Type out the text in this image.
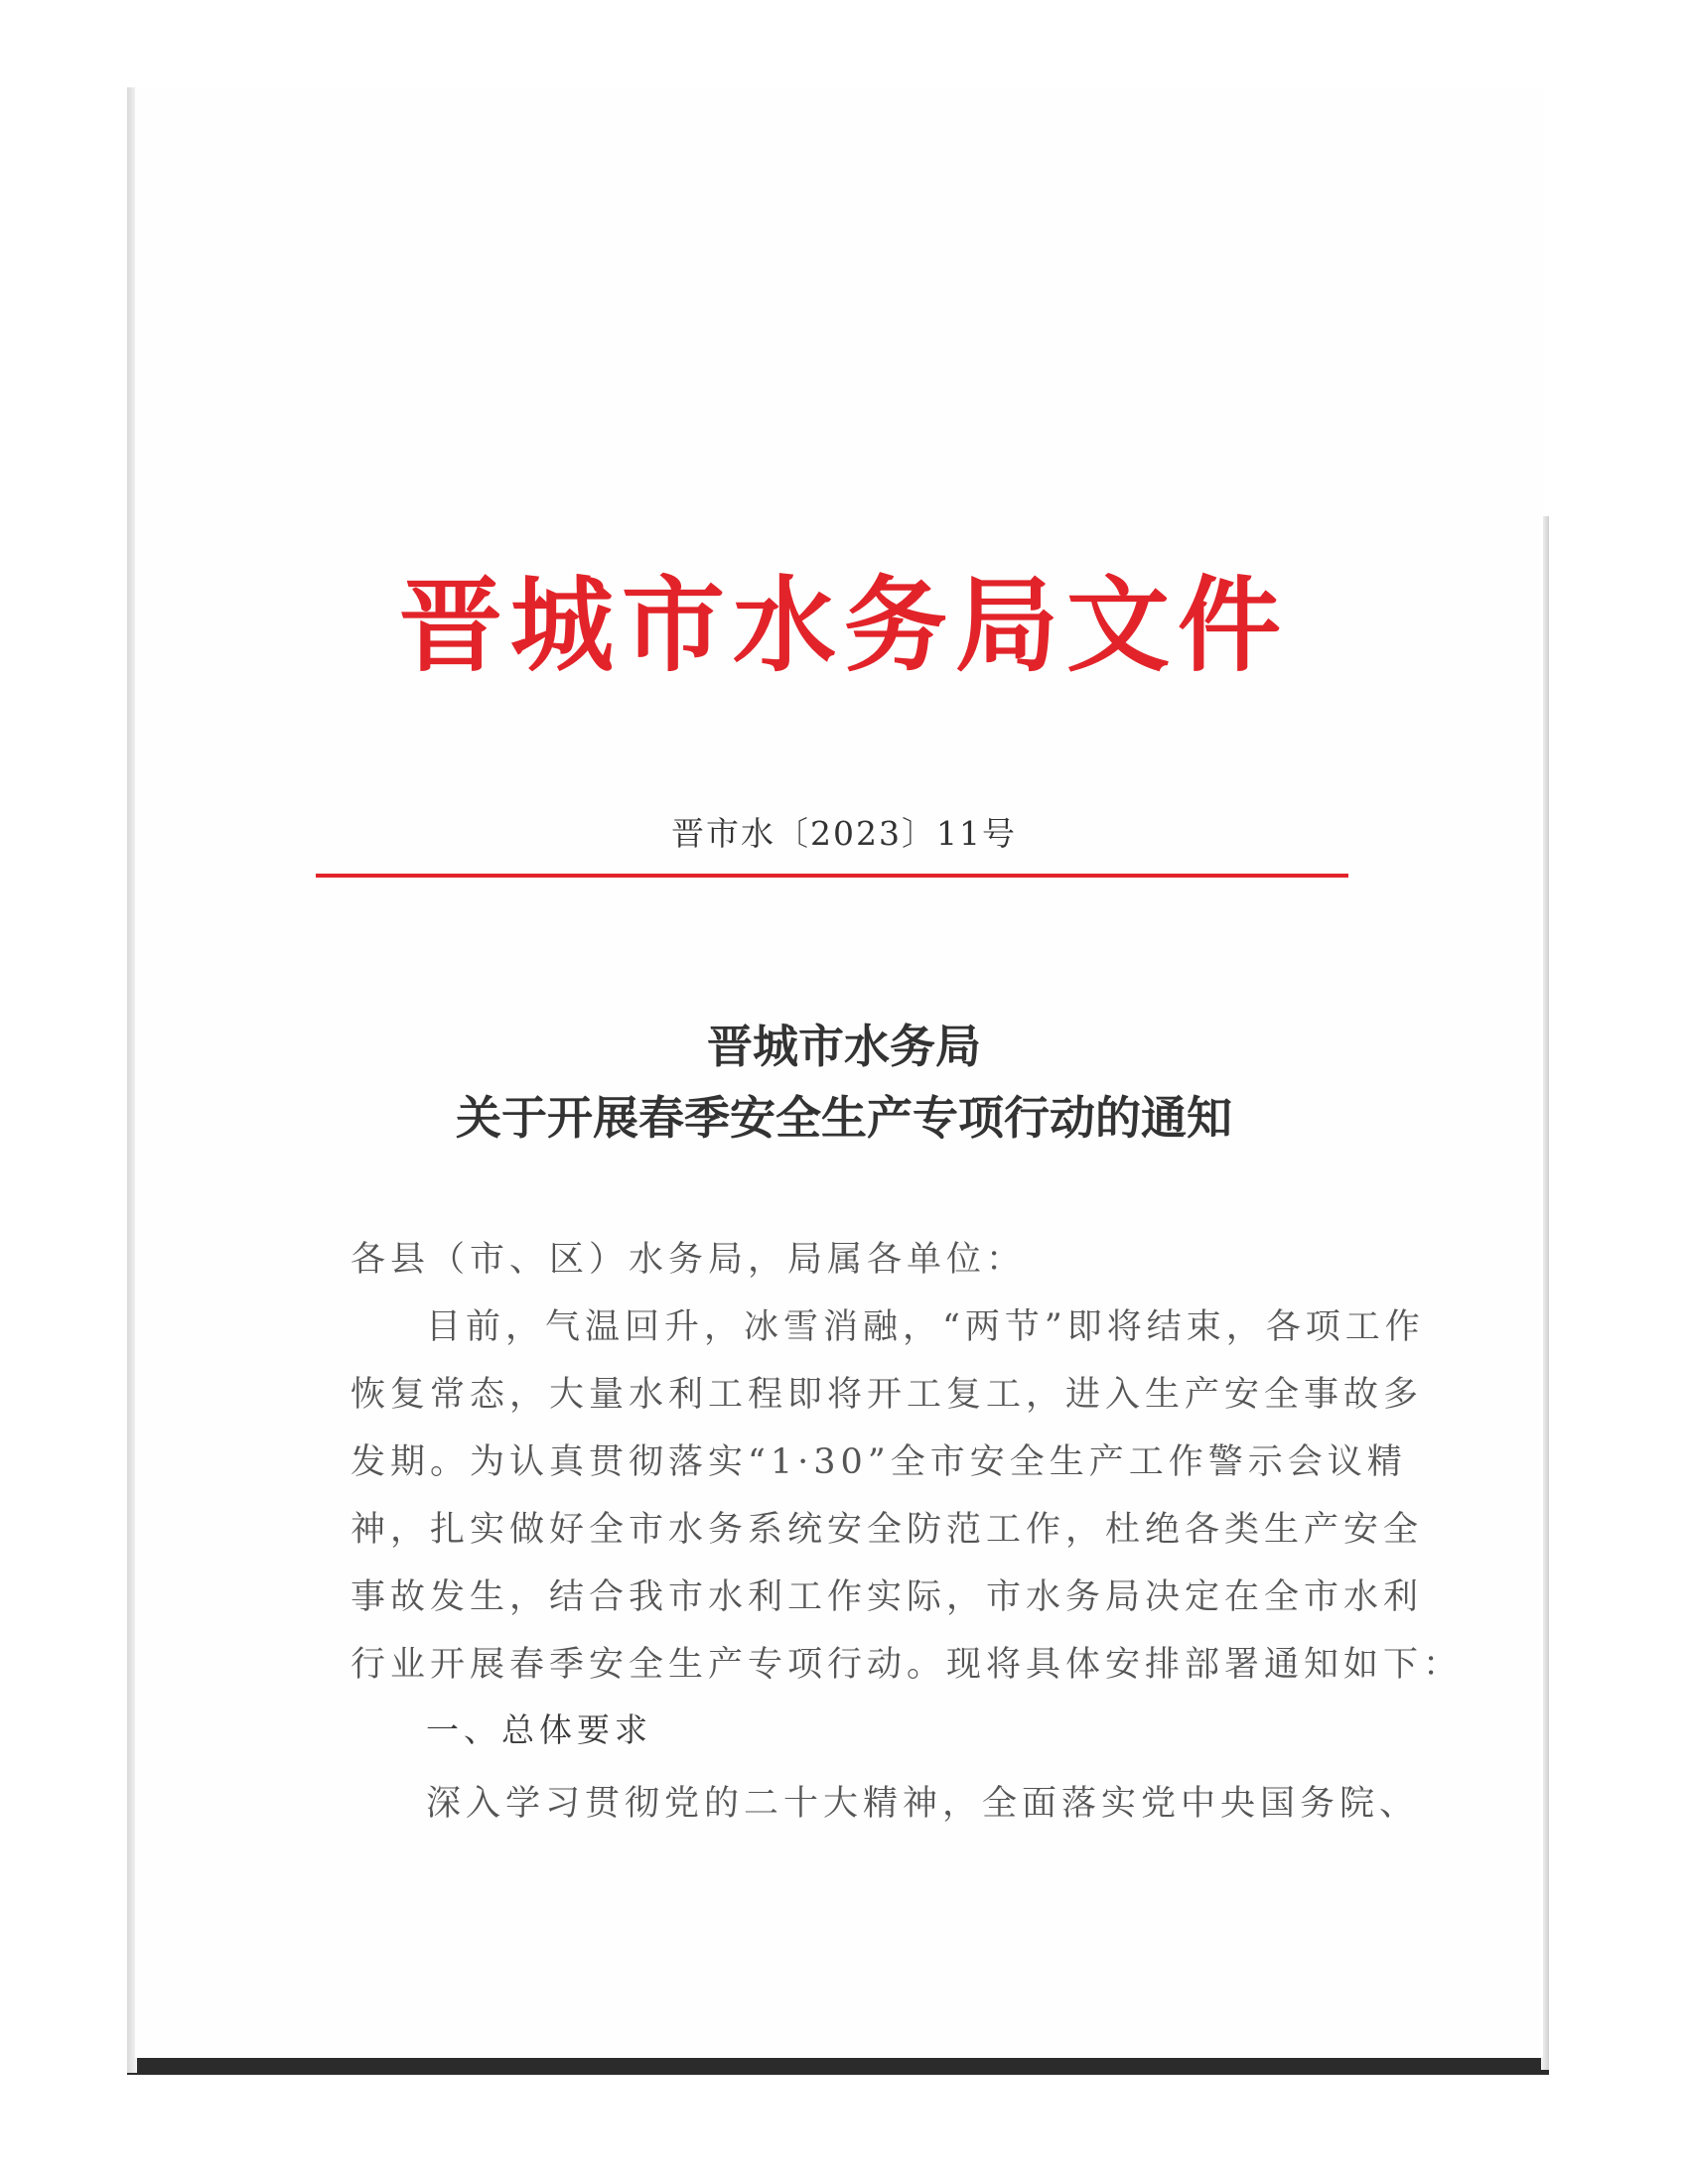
晋城市水务局文件
晋市水〔2023〕11号
晋城市水务局
关于开展春季安全生产专项行动的通知
各县（市、区）水务局，局属各单位：
目前，气温回升，冰雪消融，“两节”即将结束，各项工作
恢复常态，大量水利工程即将开工复工，进入生产安全事故多
发期。为认真贯彻落实“1·30”全市安全生产工作警示会议精
神，扎实做好全市水务系统安全防范工作，杜绝各类生产安全
事故发生，结合我市水利工作实际，市水务局决定在全市水利
行业开展春季安全生产专项行动。现将具体安排部署通知如下：
一、总体要求
深入学习贯彻党的二十大精神，全面落实党中央国务院、
